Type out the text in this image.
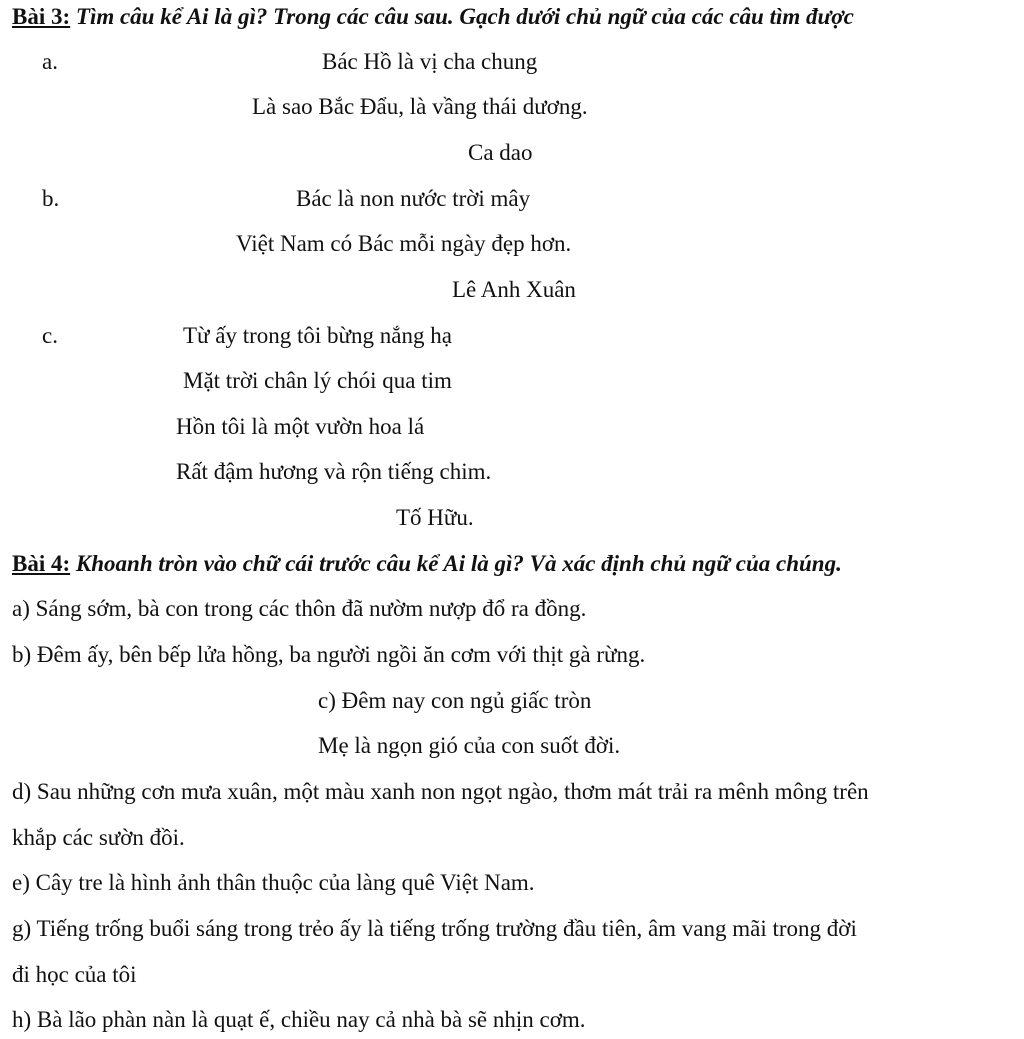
Bài 3: Tìm câu kể Ai là gì? Trong các câu sau. Gạch dưới chủ ngữ của các câu tìm được
a.	Bác Hồ là vị cha chung
Là sao Bắc Đẩu, là vầng thái dương.
Ca dao
b.	Bác là non nước trời mây
Việt Nam có Bác mỗi ngày đẹp hơn.
Lê Anh Xuân
c.	Từ ấy trong tôi bừng nắng hạ
Mặt trời chân lý chói qua tim
Hồn tôi là một vườn hoa lá
Rất đậm hương và rộn tiếng chim.
Tố Hữu.
Bài 4: Khoanh tròn vào chữ cái trước câu kể Ai là gì? Và xác định chủ ngữ của chúng.
a) Sáng sớm, bà con trong các thôn đã nườm nượp đổ ra đồng.
b) Đêm ấy, bên bếp lửa hồng, ba người ngồi ăn cơm với thịt gà rừng.
c) Đêm nay con ngủ giấc tròn
Mẹ là ngọn gió của con suốt đời.
d) Sau những cơn mưa xuân, một màu xanh non ngọt ngào, thơm mát trải ra mênh mông trên
khắp các sườn đồi.
e) Cây tre là hình ảnh thân thuộc của làng quê Việt Nam.
g) Tiếng trống buổi sáng trong trẻo ấy là tiếng trống trường đầu tiên, âm vang mãi trong đời
đi học của tôi
h) Bà lão phàn nàn là quạt ế, chiều nay cả nhà bà sẽ nhịn cơm.
